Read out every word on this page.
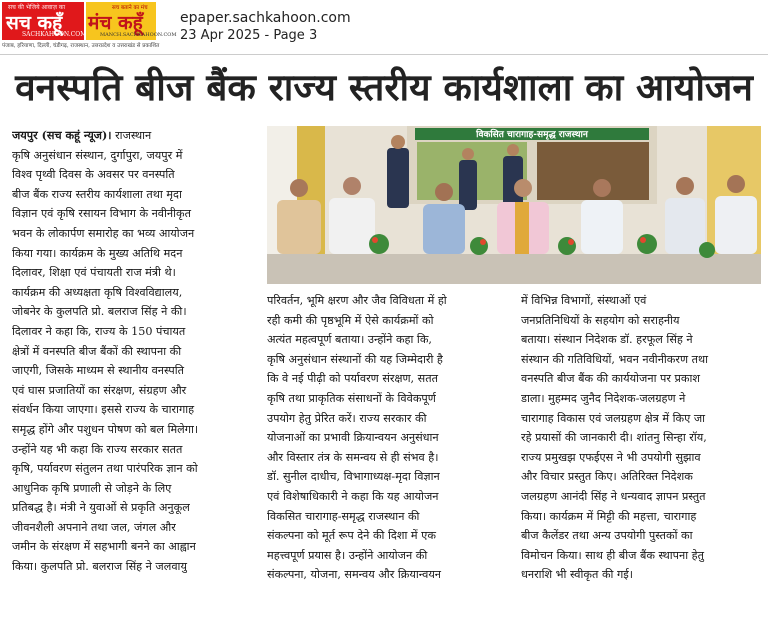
सच की भेजिये आवाज़ का
सच कहूँ
SACHKAHOON.COM
सच बताने का मंच
मंच कहूँ
MANCH.SACHKAHOON.COM
पंजाब, हरियाणा, दिल्ली, चंडीगढ़, राजस्थान, उत्तरप्रदेश व उत्तराखंड से प्रकाशित
epaper.sachkahoon.com
23 Apr 2025 - Page 3
वनस्पति बीज बैंक राज्य स्तरीय कार्यशाला का आयोजन
जयपुर (सच कहूं न्यूज)। राजस्थान
कृषि अनुसंधान संस्थान, दुर्गापुरा, जयपुर में
विश्व पृथ्वी दिवस के अवसर पर वनस्पति
बीज बैंक राज्य स्तरीय कार्यशाला तथा मृदा
विज्ञान एवं कृषि रसायन विभाग के नवीनीकृत
भवन के लोकार्पण समारोह का भव्य आयोजन
किया गया। कार्यक्रम के मुख्य अतिथि मदन
दिलावर, शिक्षा एवं पंचायती राज मंत्री थे।
कार्यक्रम की अध्यक्षता कृषि विश्वविद्यालय,
जोबनेर के कुलपति प्रो. बलराज सिंह ने की।
दिलावर ने कहा कि, राज्य के 150 पंचायत
क्षेत्रों में वनस्पति बीज बैंकों की स्थापना की
जाएगी, जिसके माध्यम से स्थानीय वनस्पति
एवं घास प्रजातियों का संरक्षण, संग्रहण और
संवर्धन किया जाएगा। इससे राज्य के चारागाह
समृद्ध होंगे और पशुधन पोषण को बल मिलेगा।
उन्होंने यह भी कहा कि राज्य सरकार सतत
कृषि, पर्यावरण संतुलन तथा पारंपरिक ज्ञान को
आधुनिक कृषि प्रणाली से जोड़ने के लिए
प्रतिबद्ध है। मंत्री ने युवाओं से प्रकृति अनुकूल
जीवनशैली अपनाने तथा जल, जंगल और
जमीन के संरक्षण में सहभागी बनने का आह्वान
किया। कुलपति प्रो. बलराज सिंह ने जलवायु
विकसित चारागाह-समृद्ध राजस्थान
परिवर्तन, भूमि क्षरण और जैव विविधता में हो
रही कमी की पृष्ठभूमि में ऐसे कार्यक्रमों को
अत्यंत महत्वपूर्ण बताया। उन्होंने कहा कि,
कृषि अनुसंधान संस्थानों की यह जिम्मेदारी है
कि वे नई पीढ़ी को पर्यावरण संरक्षण, सतत
कृषि तथा प्राकृतिक संसाधनों के विवेकपूर्ण
उपयोग हेतु प्रेरित करें। राज्य सरकार की
योजनाओं का प्रभावी क्रियान्वयन अनुसंधान
और विस्तार तंत्र के समन्वय से ही संभव है।
डॉ. सुनील दाधीच, विभागाध्यक्ष-मृदा विज्ञान
एवं विशेषाधिकारी ने कहा कि यह आयोजन
विकसित चारागाह-समृद्ध राजस्थान की
संकल्पना को मूर्त रूप देने की दिशा में एक
महत्त्वपूर्ण प्रयास है। उन्होंने आयोजन की
संकल्पना, योजना, समन्वय और क्रियान्वयन
में विभिन्न विभागों, संस्थाओं एवं
जनप्रतिनिधियों के सहयोग को सराहनीय
बताया। संस्थान निदेशक डॉ. हरफूल सिंह ने
संस्थान की गतिविधियों, भवन नवीनीकरण तथा
वनस्पति बीज बैंक की कार्ययोजना पर प्रकाश
डाला। मुहम्मद जुनैद निदेशक-जलग्रहण ने
चारागाह विकास एवं जलग्रहण क्षेत्र में किए जा
रहे प्रयासों की जानकारी दी। शांतनु सिन्हा रॉय,
राज्य प्रमुखझ एफईएस ने भी उपयोगी सुझाव
और विचार प्रस्तुत किए। अतिरिक्त निदेशक
जलग्रहण आनंदी सिंह ने धन्यवाद ज्ञापन प्रस्तुत
किया। कार्यक्रम में मिट्टी की महत्ता, चारागाह
बीज कैलेंडर तथा अन्य उपयोगी पुस्तकों का
विमोचन किया। साथ ही बीज बैंक स्थापना हेतु
धनराशि भी स्वीकृत की गई।
